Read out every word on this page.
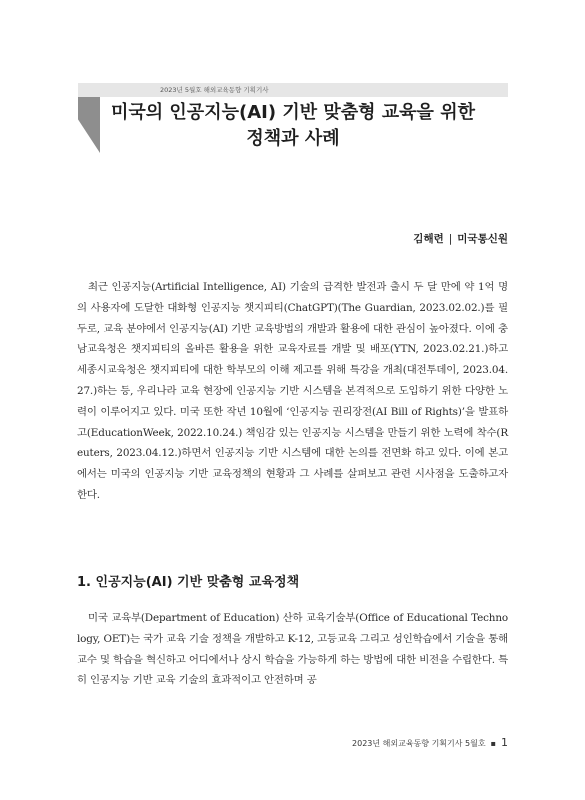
2023년 5월호 해외교육동향 기획기사
미국의 인공지능(AI) 기반 맞춤형 교육을 위한
정책과 사례
김해련 | 미국통신원

최근 인공지능(Artificial Intelligence, AI) 기술의 급격한 발전과 출시 두 달 만에 약 1억 명의 사용자에 도달한 대화형 인공지능 챗지피티(ChatGPT)(The Guardian, 2023.02.02.)를 필두로, 교육 분야에서 인공지능(AI) 기반 교육방법의 개발과 활용에 대한 관심이 높아졌다. 이에 충남교육청은 챗지피티의 올바른 활용을 위한 교육자료를 개발 및 배포(YTN, 2023.02.21.)하고 세종시교육청은 챗지피티에 대한 학부모의 이해 제고를 위해 특강을 개최(대전투데이, 2023.04.27.)하는 등, 우리나라 교육 현장에 인공지능 기반 시스템을 본격적으로 도입하기 위한 다양한 노력이 이루어지고 있다. 미국 또한 작년 10월에 ‘인공지능 권리장전(AI Bill of Rights)’을 발표하고(EducationWeek, 2022.10.24.) 책임감 있는 인공지능 시스템을 만들기 위한 노력에 착수(Reuters, 2023.04.12.)하면서 인공지능 기반 시스템에 대한 논의를 전면화 하고 있다. 이에 본고에서는 미국의 인공지능 기반 교육정책의 현황과 그 사례를 살펴보고 관련 시사점을 도출하고자 한다.

1. 인공지능(AI) 기반 맞춤형 교육정책

미국 교육부(Department of Education) 산하 교육기술부(Office of Educational Technology, OET)는 국가 교육 기술 정책을 개발하고 K-12, 고등교육 그리고 성인학습에서 기술을 통해 교수 및 학습을 혁신하고 어디에서나 상시 학습을 가능하게 하는 방법에 대한 비전을 수립한다. 특히 인공지능 기반 교육 기술의 효과적이고 안전하며 공

2023년 해외교육동향 기획기사 5월호 ▪ 1
